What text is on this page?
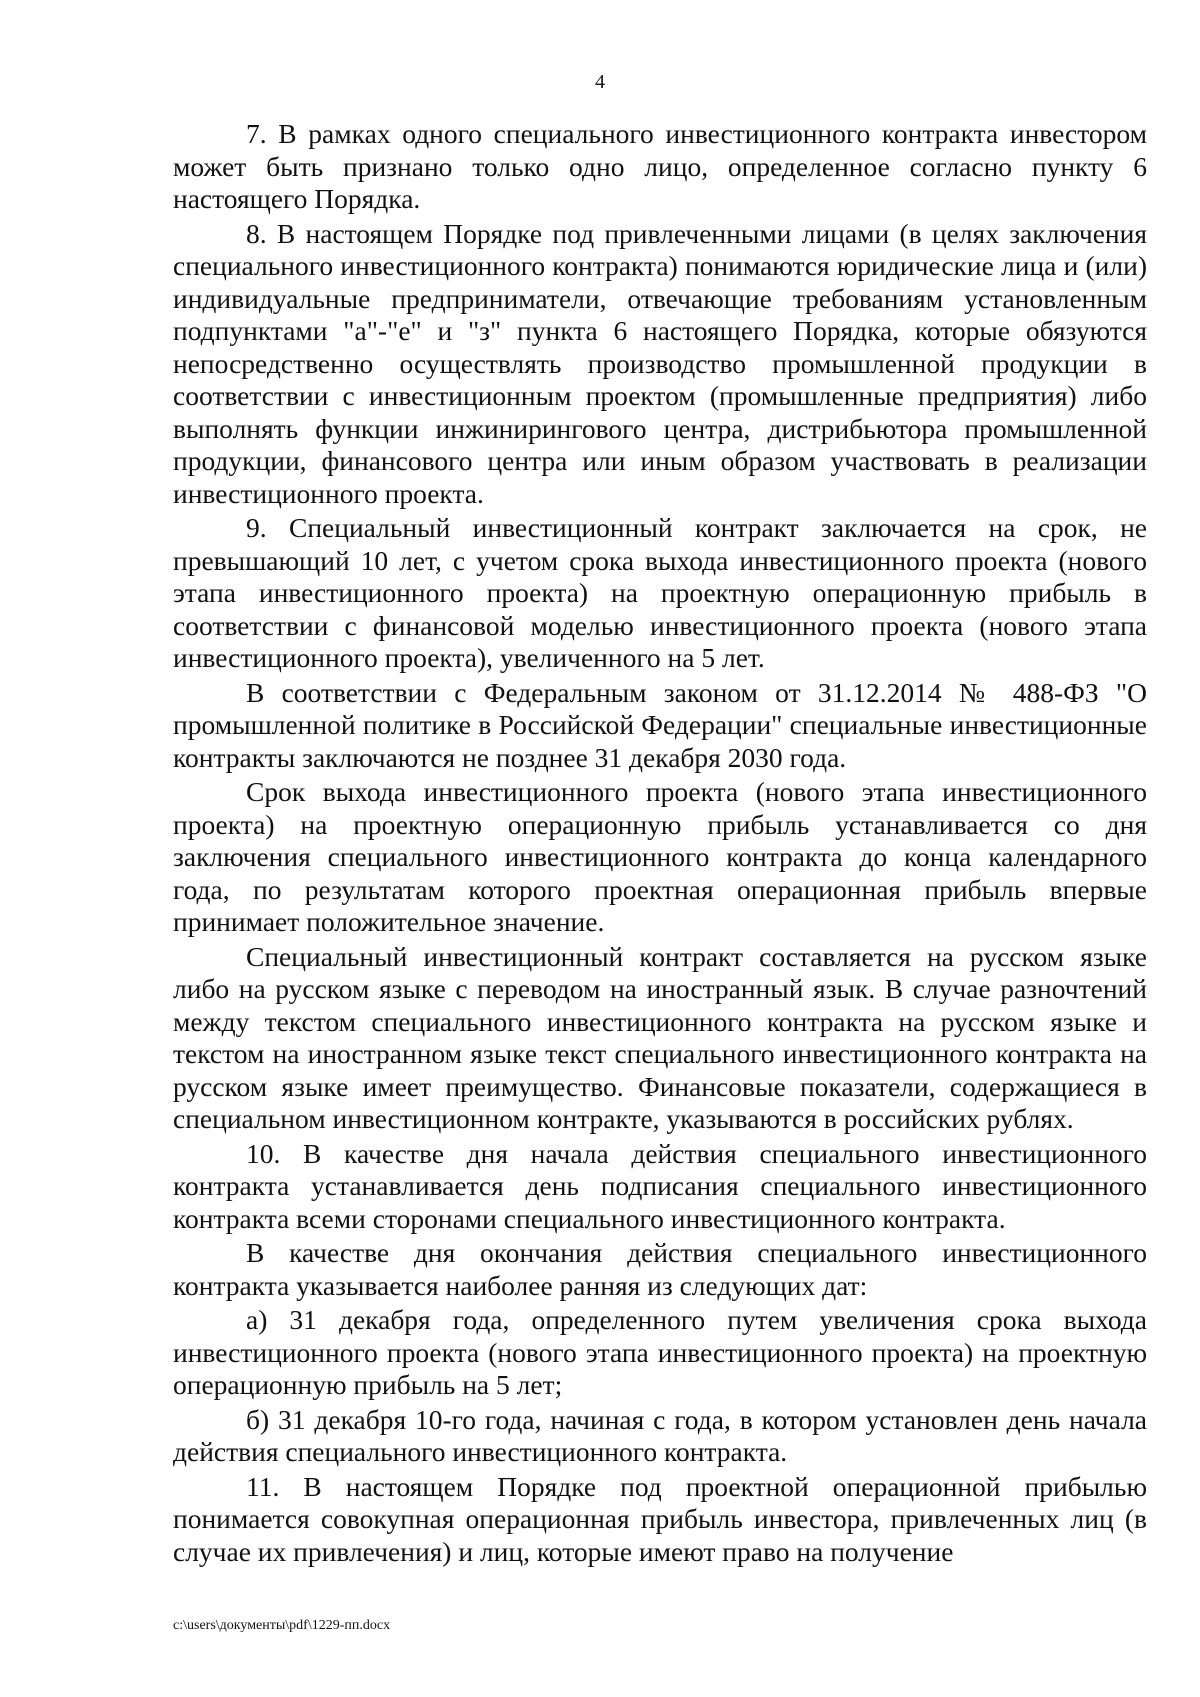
4

7. В рамках одного специального инвестиционного контракта инвестором может быть признано только одно лицо, определенное согласно пункту 6 настоящего Порядка.

8. В настоящем Порядке под привлеченными лицами (в целях заключения специального инвестиционного контракта) понимаются юридические лица и (или) индивидуальные предприниматели, отвечающие требованиям установленным подпунктами "а"-"е" и "з" пункта 6 настоящего Порядка, которые обязуются непосредственно осуществлять производство промышленной продукции в соответствии с инвестиционным проектом (промышленные предприятия) либо выполнять функции инжинирингового центра, дистрибьютора промышленной продукции, финансового центра или иным образом участвовать в реализации инвестиционного проекта.

9. Специальный инвестиционный контракт заключается на срок, не превышающий 10 лет, с учетом срока выхода инвестиционного проекта (нового этапа инвестиционного проекта) на проектную операционную прибыль в соответствии с финансовой моделью инвестиционного проекта (нового этапа инвестиционного проекта), увеличенного на 5 лет.

В соответствии с Федеральным законом от 31.12.2014 № 488-ФЗ "О промышленной политике в Российской Федерации" специальные инвестиционные контракты заключаются не позднее 31 декабря 2030 года.

Срок выхода инвестиционного проекта (нового этапа инвестиционного проекта) на проектную операционную прибыль устанавливается со дня заключения специального инвестиционного контракта до конца календарного года, по результатам которого проектная операционная прибыль впервые принимает положительное значение.

Специальный инвестиционный контракт составляется на русском языке либо на русском языке с переводом на иностранный язык. В случае разночтений между текстом специального инвестиционного контракта на русском языке и текстом на иностранном языке текст специального инвестиционного контракта на русском языке имеет преимущество. Финансовые показатели, содержащиеся в специальном инвестиционном контракте, указываются в российских рублях.

10. В качестве дня начала действия специального инвестиционного контракта устанавливается день подписания специального инвестиционного контракта всеми сторонами специального инвестиционного контракта.

В качестве дня окончания действия специального инвестиционного контракта указывается наиболее ранняя из следующих дат:

а) 31 декабря года, определенного путем увеличения срока выхода инвестиционного проекта (нового этапа инвестиционного проекта) на проектную операционную прибыль на 5 лет;

б) 31 декабря 10-го года, начиная с года, в котором установлен день начала действия специального инвестиционного контракта.

11. В настоящем Порядке под проектной операционной прибылью понимается совокупная операционная прибыль инвестора, привлеченных лиц (в случае их привлечения) и лиц, которые имеют право на получение

c:\users\документы\pdf\1229-пп.docx
